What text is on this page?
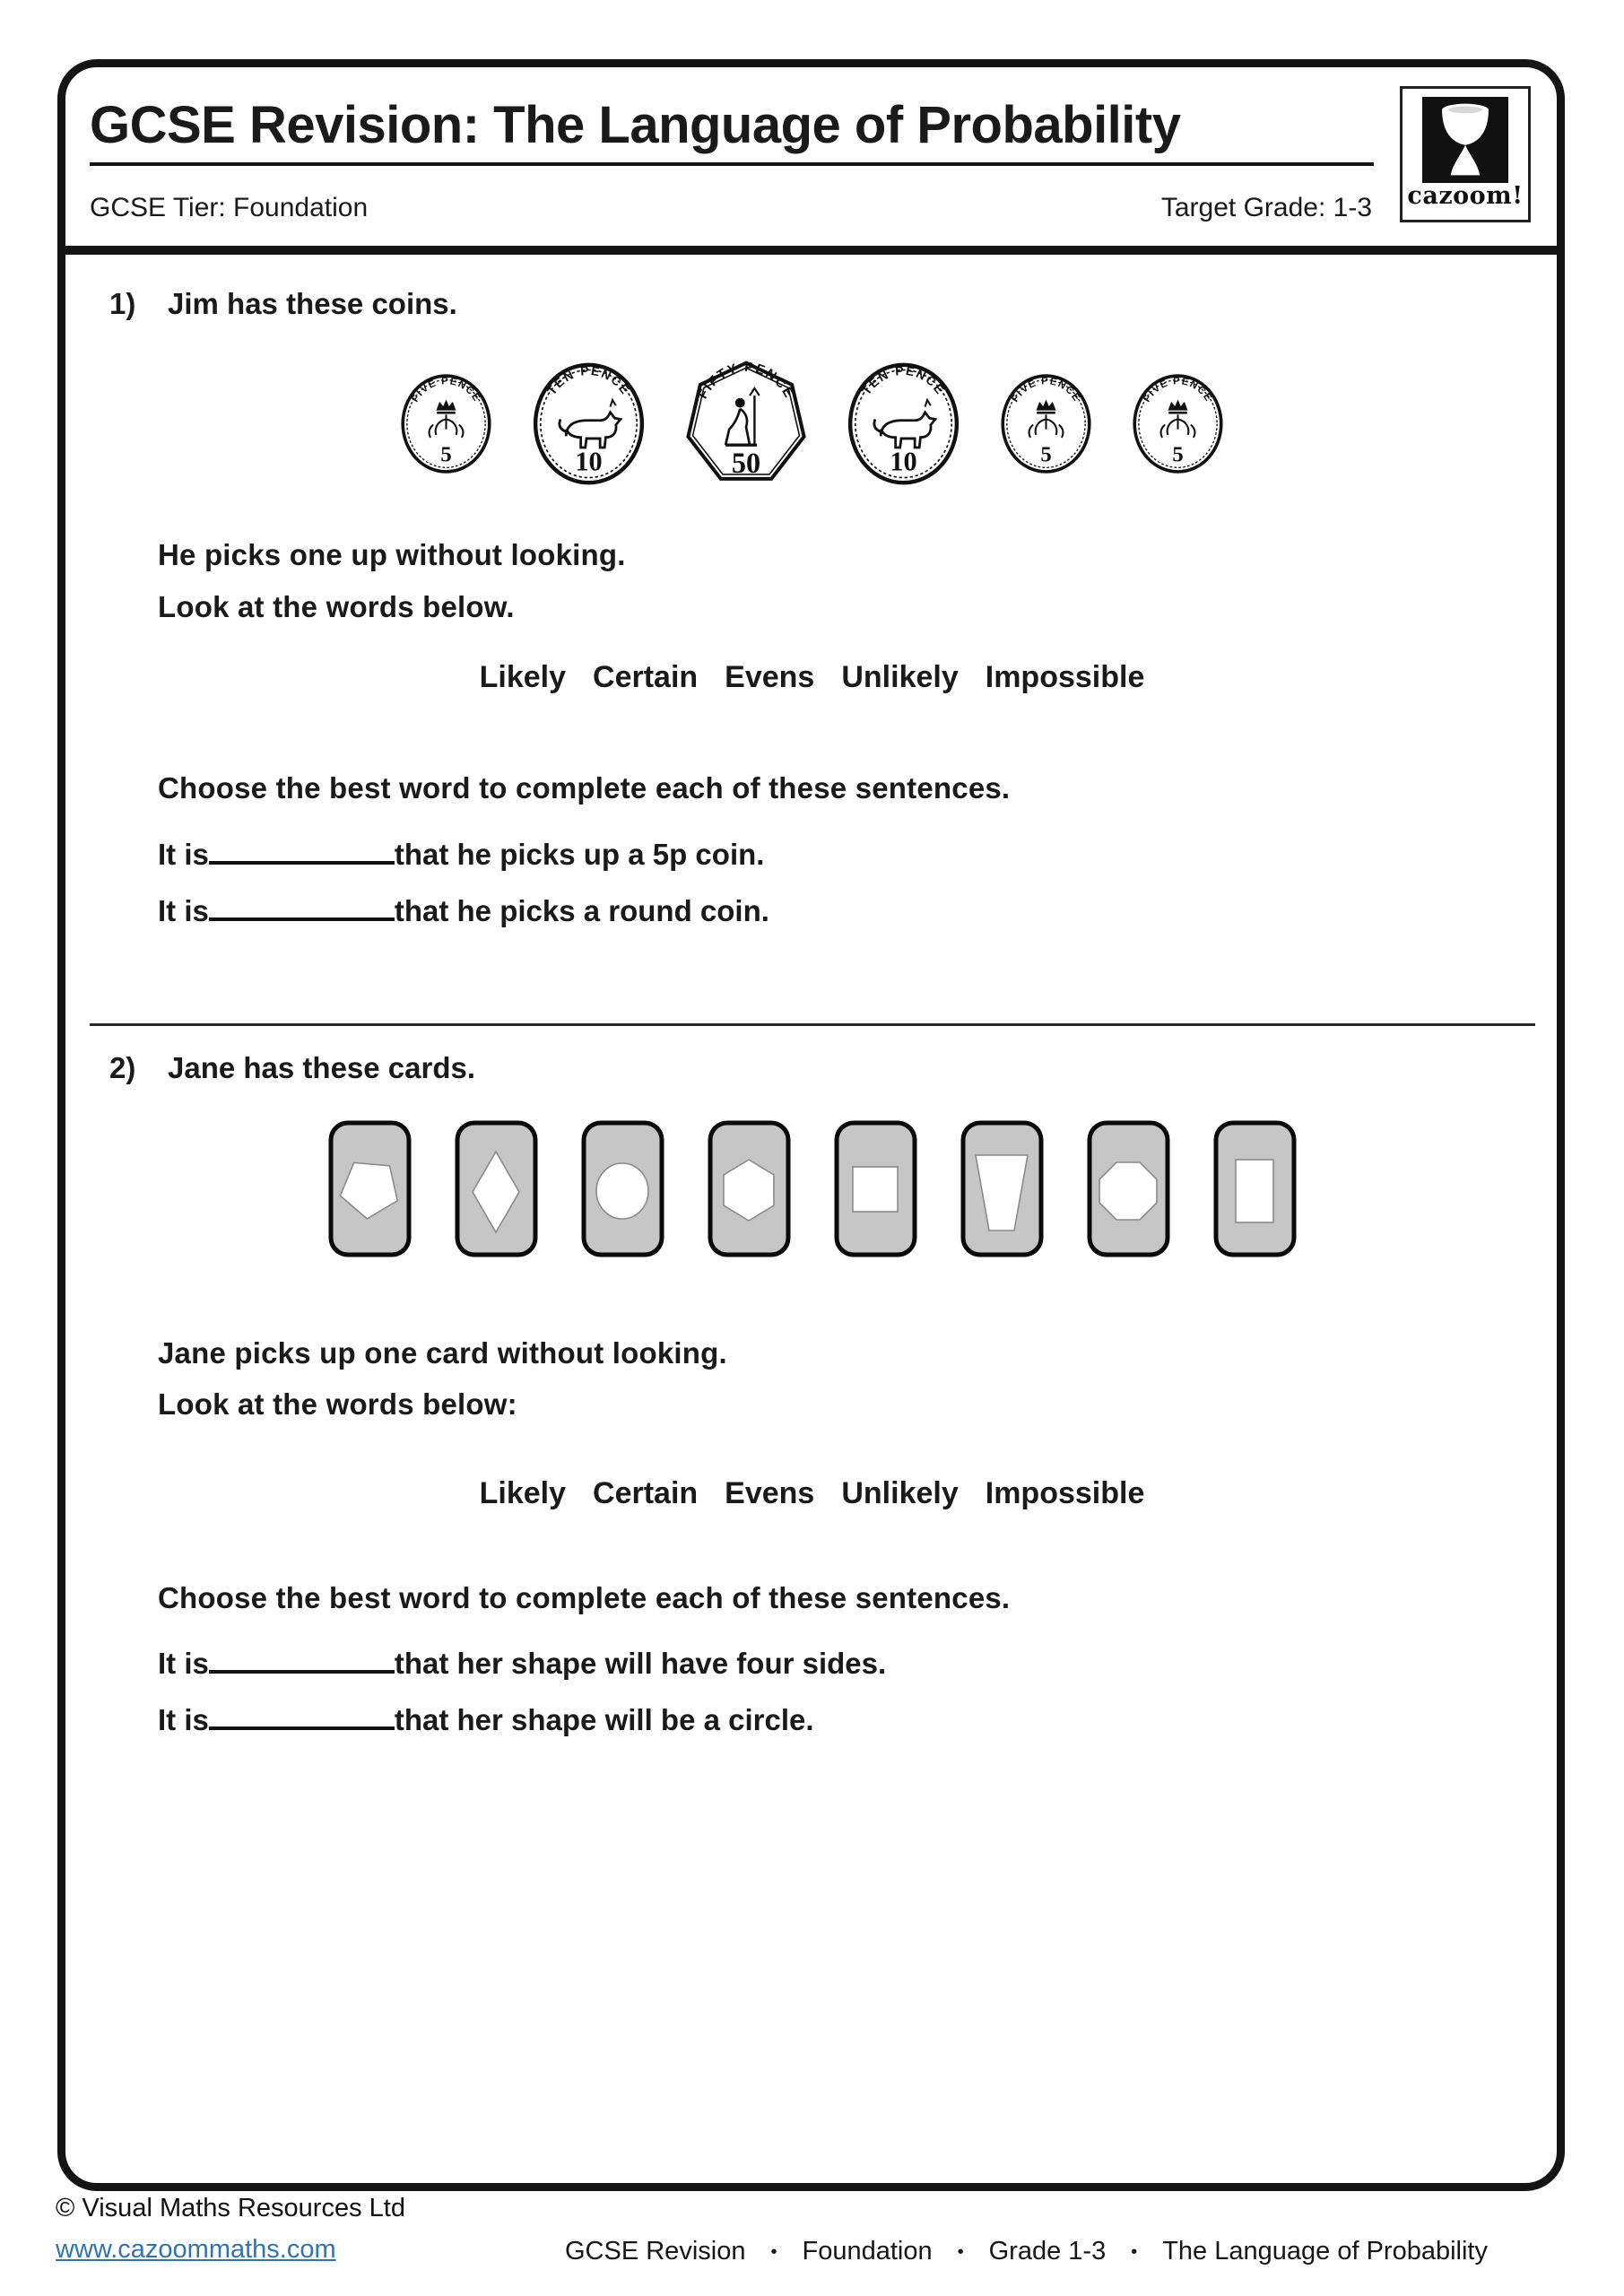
GCSE Revision: The Language of Probability
GCSE Tier: Foundation	Target Grade: 1-3 cazoom!
1) Jim has these coins.
FIVE PENCE
5
TEN PENCE
10
FIFTY PENCE
50
TEN PENCE
10
FIVE PENCE
5
FIVE PENCE
5
He picks one up without looking.
Look at the words below.
Likely Certain Evens Unlikely Impossible
Choose the best word to complete each of these sentences.
It is	that he picks up a 5p coin.
It is	that he picks a round coin.
2) Jane has these cards.
Jane picks up one card without looking.
Look at the words below:
Likely Certain Evens Unlikely Impossible
Choose the best word to complete each of these sentences.
It is	that her shape will have four sides.
It is	that her shape will be a circle.
© Visual Maths Resources Ltd
www.cazoommaths.com	GCSE Revision • Foundation • Grade 1-3 • The Language of Probability
